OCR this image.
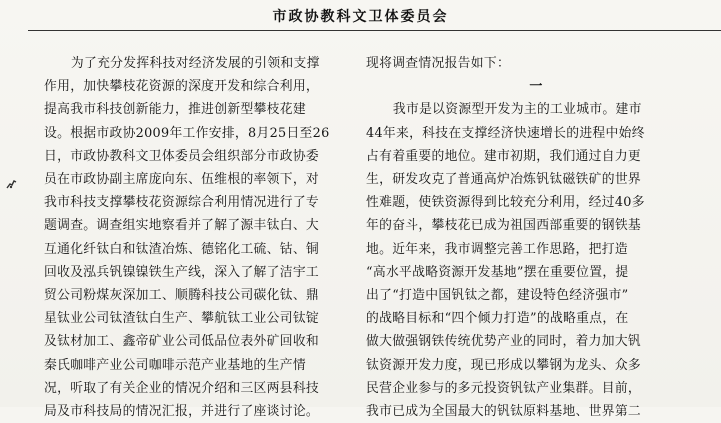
市政协教科文卫体委员会

为了充分发挥科技对经济发展的引领和支撑

作用，加快攀枝花资源的深度开发和综合利用，

提高我市科技创新能力，推进创新型攀枝花建

设。根据市政协2009年工作安排，8月25日至26

日，市政协教科文卫体委员会组织部分市政协委

员在市政协副主席庞向东、伍维根的率领下，对

我市科技支撑攀枝花资源综合利用情况进行了专

题调查。调查组实地察看并了解了源丰钛白、大

互通化纤钛白和钛渣冶炼、德铭化工硫、钴、铜

回收及泓兵钒镍镍铁生产线，深入了解了洁宇工

贸公司粉煤灰深加工、顺腾科技公司碳化钛、鼎

星钛业公司钛渣钛白生产、攀航钛工业公司钛锭

及钛材加工、鑫帝矿业公司低品位表外矿回收和

秦氏咖啡产业公司咖啡示范产业基地的生产情

况，听取了有关企业的情况介绍和三区两县科技

局及市科技局的情况汇报，并进行了座谈讨论。

现将调查情况报告如下：

一

我市是以资源型开发为主的工业城市。建市

44年来，科技在支撑经济快速增长的进程中始终

占有着重要的地位。建市初期，我们通过自力更

生，研发攻克了普通高炉冶炼钒钛磁铁矿的世界

性难题，使铁资源得到比较充分利用，经过40多

年的奋斗，攀枝花已成为祖国西部重要的钢铁基

地。近年来，我市调整完善工作思路，把打造

“高水平战略资源开发基地”摆在重要位置，提

出了“打造中国钒钛之都，建设特色经济强市”

的战略目标和“四个倾力打造”的战略重点，在

做大做强钢铁传统优势产业的同时，着力加大钒

钛资源开发力度，现已形成以攀钢为龙头、众多

民营企业参与的多元投资钒钛产业集群。目前，

我市已成为全国最大的钒钛原料基地、世界第二
